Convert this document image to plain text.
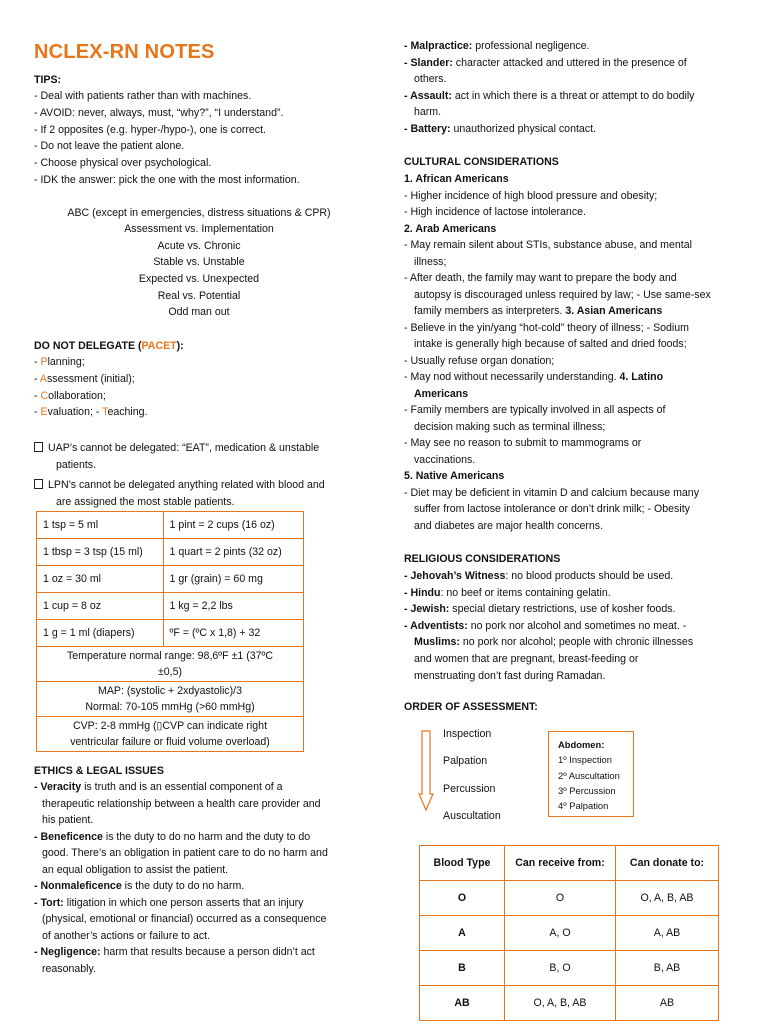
NCLEX-RN NOTES
TIPS:
- Deal with patients rather than with machines.
- AVOID: never, always, must, “why?”, “I understand”.
- If 2 opposites (e.g. hyper-/hypo-), one is correct.
- Do not leave the patient alone.
- Choose physical over psychological.
- IDK the answer: pick the one with the most information.
ABC (except in emergencies, distress situations & CPR)
Assessment vs. Implementation
Acute vs. Chronic
Stable vs. Unstable
Expected vs. Unexpected
Real vs. Potential
Odd man out
DO NOT DELEGATE (PACET):
- Planning;
- Assessment (initial);
- Collaboration;
- Evaluation; - Teaching.
UAP’s cannot be delegated: “EAT”, medication & unstable
patients.
LPN’s cannot be delegated anything related with blood and
are assigned the most stable patients.
1 tsp = 5 ml	1 pint = 2 cups (16 oz)
1 tbsp = 3 tsp (15 ml)	1 quart = 2 pints (32 oz)
1 oz = 30 ml	1 gr (grain) = 60 mg
1 cup = 8 oz	1 kg = 2,2 lbs
1 g = 1 ml (diapers)	ºF = (ºC x 1,8) + 32

Temperature normal range: 98,6ºF ±1 (37ºC
±0,5)	

MAP: (systolic + 2xdyastolic)/3
Normal: 70-105 mmHg (>60 mmHg)	

CVP: 2-8 mmHg (▯CVP can indicate right
ventricular failure or fluid volume overload)	
ETHICS & LEGAL ISSUES
- Veracity is truth and is an essential component of a
therapeutic relationship between a health care provider and
his patient.
- Beneficence is the duty to do no harm and the duty to do
good. There’s an obligation in patient care to do no harm and
an equal obligation to assist the patient.
- Nonmaleficence is the duty to do no harm.
- Tort: litigation in which one person asserts that an injury
(physical, emotional or financial) occurred as a consequence
of another’s actions or failure to act.
- Negligence: harm that results because a person didn’t act
reasonably.
- Malpractice: professional negligence.
- Slander: character attacked and uttered in the presence of
others.
- Assault: act in which there is a threat or attempt to do bodily
harm.
- Battery: unauthorized physical contact.
CULTURAL CONSIDERATIONS
1. African Americans
- Higher incidence of high blood pressure and obesity;
- High incidence of lactose intolerance.
2. Arab Americans
- May remain silent about STIs, substance abuse, and mental
illness;
- After death, the family may want to prepare the body and
autopsy is discouraged unless required by law; - Use same-sex
family members as interpreters. 3. Asian Americans
- Believe in the yin/yang “hot-cold” theory of illness; - Sodium
intake is generally high because of salted and dried foods;
- Usually refuse organ donation;
- May nod without necessarily understanding. 4. Latino
Americans
- Family members are typically involved in all aspects of
decision making such as terminal illness;
- May see no reason to submit to mammograms or
vaccinations.
5. Native Americans
- Diet may be deficient in vitamin D and calcium because many
suffer from lactose intolerance or don’t drink milk; - Obesity
and diabetes are major health concerns.
RELIGIOUS CONSIDERATIONS
- Jehovah’s Witness: no blood products should be used.
- Hindu: no beef or items containing gelatin.
- Jewish: special dietary restrictions, use of kosher foods.
- Adventists: no pork nor alcohol and sometimes no meat. -
Muslims: no pork nor alcohol; people with chronic illnesses
and women that are pregnant, breast-feeding or
menstruating don’t fast during Ramadan.
ORDER OF ASSESSMENT:
Inspection
Palpation
Percussion
Auscultation
Abdomen:
1º Inspection
2º Auscultation
3º Percussion
4º Palpation
Blood Type	Can receive from:	Can donate to:
O	O	O, A, B, AB
A	A, O	A, AB
B	B, O	B, AB
AB	O, A, B, AB	AB
